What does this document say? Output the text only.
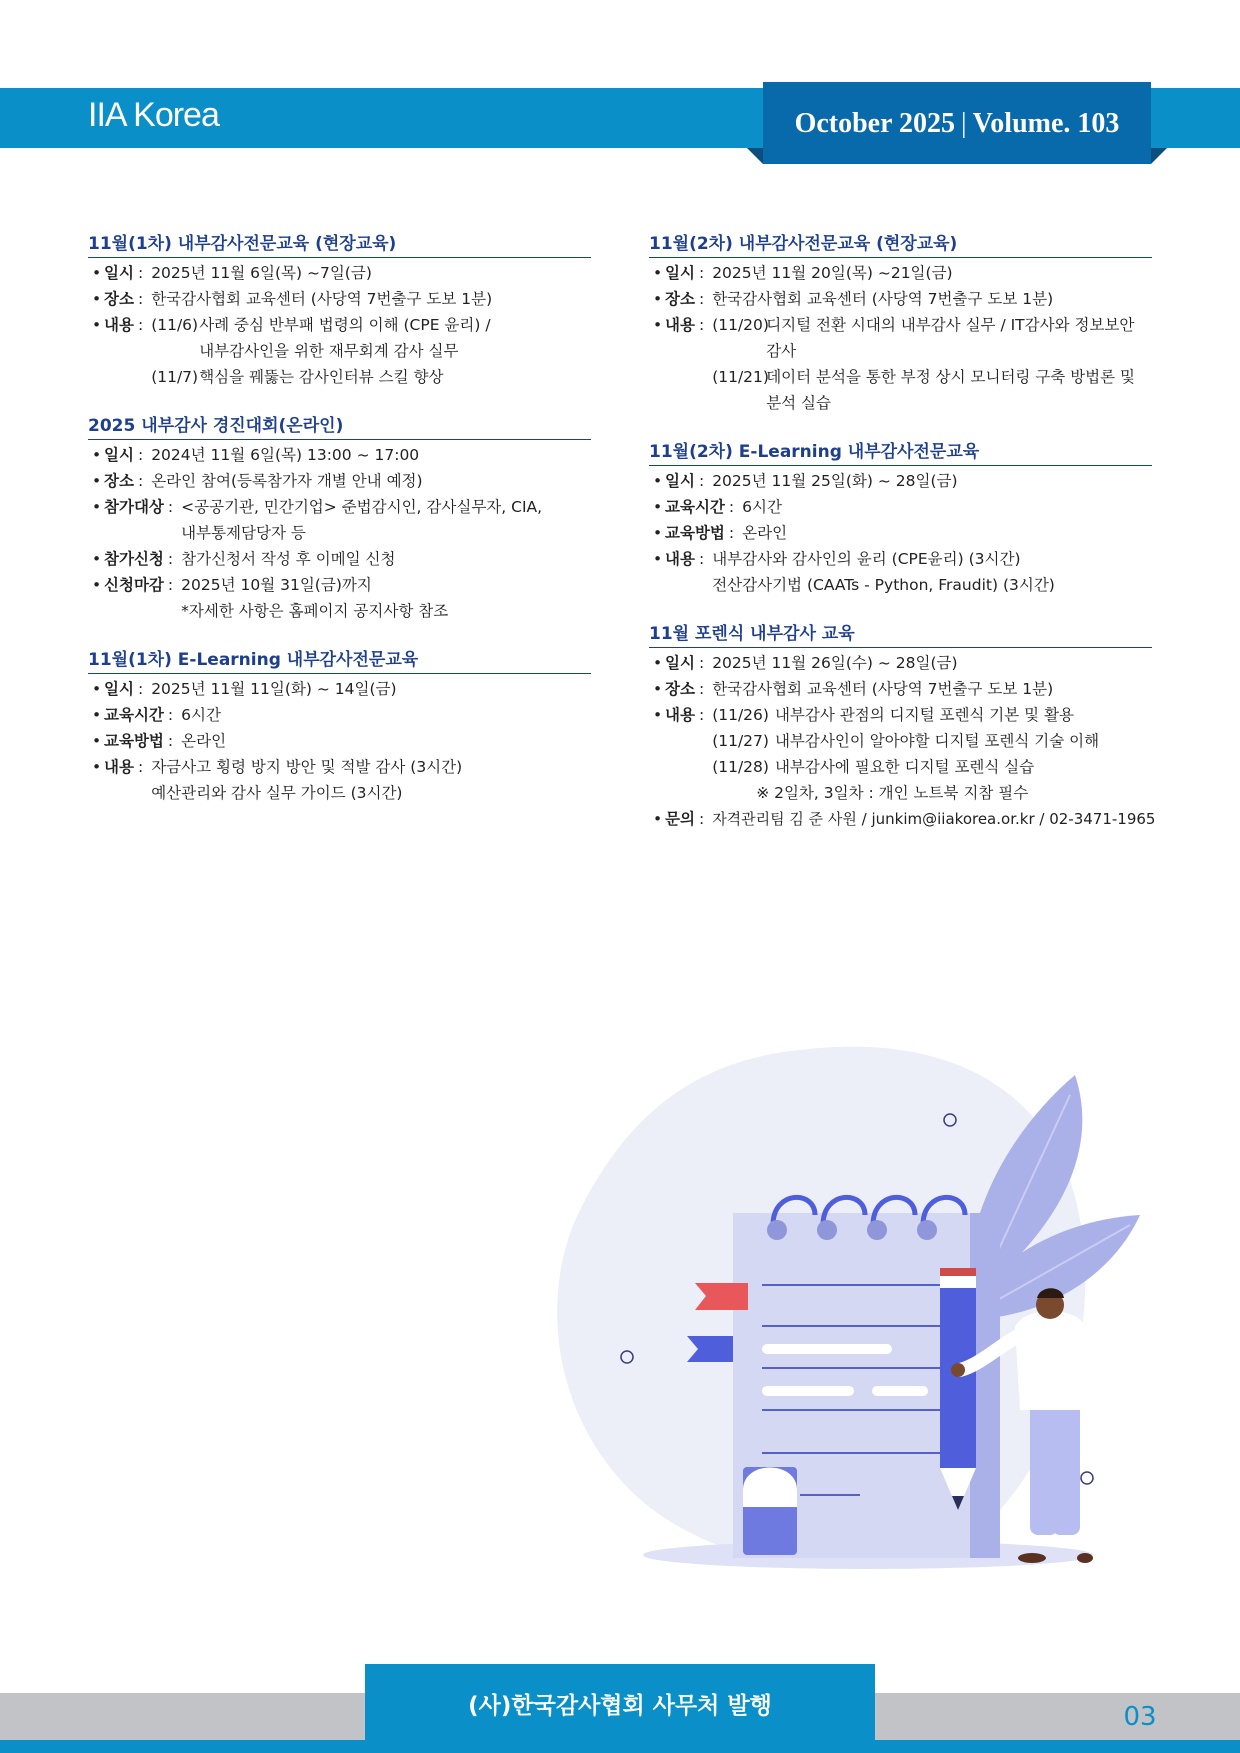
IIA Korea	October 2025 | Volume. 103
11월(1차) 내부감사전문교육 (현장교육)
• 일시 : 2025년 11월 6일(목) ~7일(금)
• 장소 : 한국감사협회 교육센터 (사당역 7번출구 도보 1분)
• 내용 : (11/6) 사례 중심 반부패 법령의 이해 (CPE 윤리) /
내부감사인을 위한 재무회계 감사 실무
(11/7) 핵심을 꿰뚫는 감사인터뷰 스킬 향상
2025 내부감사 경진대회(온라인)
• 일시 : 2024년 11월 6일(목) 13:00 ~ 17:00
• 장소 : 온라인 참여(등록참가자 개별 안내 예정)
• 참가대상 : <공공기관, 민간기업> 준법감시인, 감사실무자, CIA,
내부통제담당자 등
• 참가신청 : 참가신청서 작성 후 이메일 신청
• 신청마감 : 2025년 10월 31일(금)까지
*자세한 사항은 홈페이지 공지사항 참조
11월(1차) E-Learning 내부감사전문교육
• 일시 : 2025년 11월 11일(화) ~ 14일(금)
• 교육시간 : 6시간
• 교육방법 : 온라인
• 내용 : 자금사고 횡령 방지 방안 및 적발 감사 (3시간)
예산관리와 감사 실무 가이드 (3시간)
11월(2차) 내부감사전문교육 (현장교육)
• 일시 : 2025년 11월 20일(목) ~21일(금)
• 장소 : 한국감사협회 교육센터 (사당역 7번출구 도보 1분)
• 내용 : (11/20)
디지털 전환 시대의 내부감사 실무 / IT감사와 정보보안 감사
(11/21)
데이터 분석을 통한 부정 상시 모니터링 구축 방법론 및 분석 실습
11월(2차) E-Learning 내부감사전문교육
• 일시 : 2025년 11월 25일(화) ~ 28일(금)
• 교육시간 : 6시간
• 교육방법 : 온라인
• 내용 : 내부감사와 감사인의 윤리 (CPE윤리) (3시간)
전산감사기법 (CAATs - Python, Fraudit) (3시간)
11월 포렌식 내부감사 교육
• 일시 : 2025년 11월 26일(수) ~ 28일(금)
• 장소 : 한국감사협회 교육센터 (사당역 7번출구 도보 1분)
• 내용 : (11/26) 내부감사 관점의 디지털 포렌식 기본 및 활용
(11/27) 내부감사인이 알아야할 디지털 포렌식 기술 이해
(11/28) 내부감사에 필요한 디지털 포렌식 실습
※ 2일차, 3일차 : 개인 노트북 지참 필수
• 문의 : 자격관리팀 김 준 사원 / junkim@iiakorea.or.kr / 02-3471-1965
(사)한국감사협회 사무처 발행	03
